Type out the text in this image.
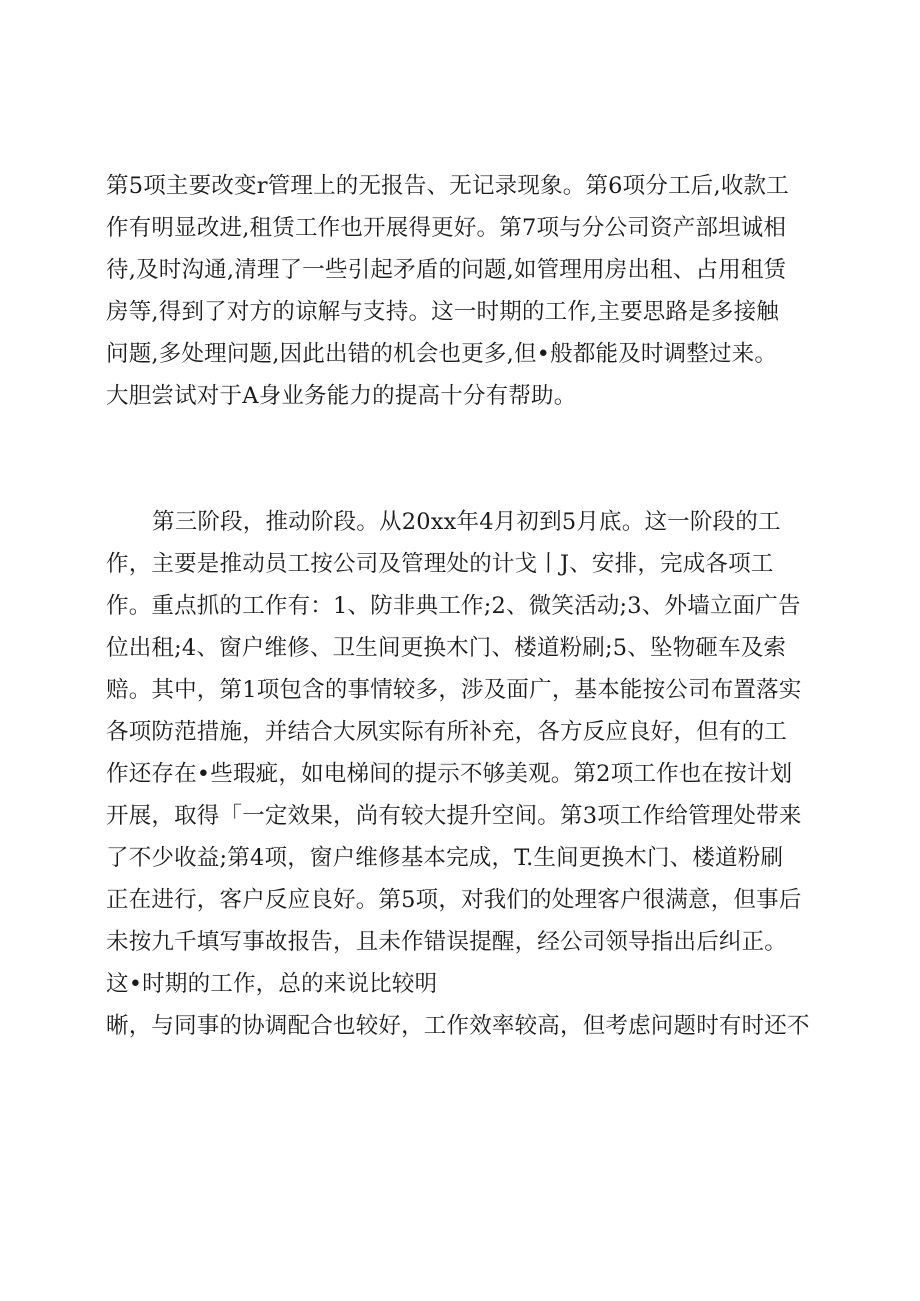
第5项主要改变r管理上的无报告、无记录现象。第6项分工后,收款工
作有明显改进,租赁工作也开展得更好。第7项与分公司资产部坦诚相
待,及时沟通,清理了一些引起矛盾的问题,如管理用房出租、占用租赁
房等,得到了对方的谅解与支持。这一时期的工作,主要思路是多接触
问题,多处理问题,因此出错的机会也更多,但•般都能及时调整过来。
大胆尝试对于A身业务能力的提高十分有帮助。
第三阶段，推动阶段。从20xx年4月初到5月底。这一阶段的工
作，主要是推动员工按公司及管理处的计戈丨J、安排，完成各项工
作。重点抓的工作有：1、防非典工作;2、微笑活动;3、外墙立面广告
位出租;4、窗户维修、卫生间更换木门、楼道粉刷;5、坠物砸车及索
赔。其中，第1项包含的事情较多，涉及面广，基本能按公司布置落实
各项防范措施，并结合大夙实际有所补充，各方反应良好，但有的工
作还存在•些瑕疵，如电梯间的提示不够美观。第2项工作也在按计划
开展，取得「一定效果，尚有较大提升空间。第3项工作给管理处带来
了不少收益;第4项，窗户维修基本完成，T.生间更换木门、楼道粉刷
正在进行，客户反应良好。第5项，对我们的处理客户很满意，但事后
未按九千填写事故报告，且未作错误提醒，经公司领导指出后纠正。
这•时期的工作，总的来说比较明
晰，与同事的协调配合也较好，工作效率较高，但考虑问题时有时还不
